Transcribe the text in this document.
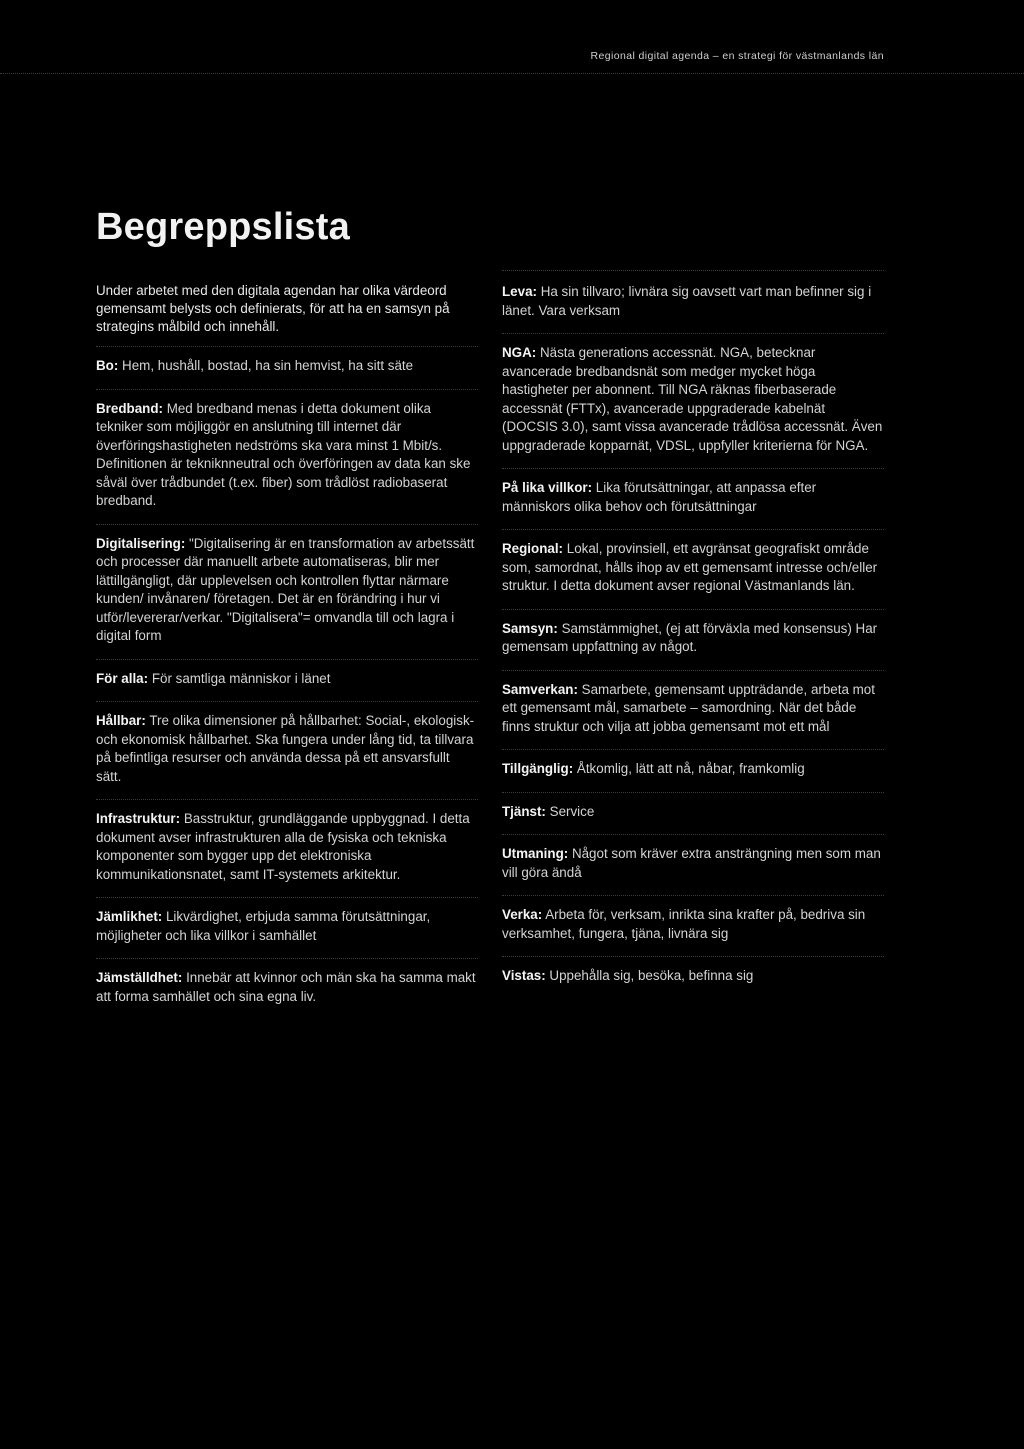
Regional digital agenda – en strategi för västmanlands län
Begreppslista

Under arbetet med den digitala agendan har olika värdeord gemensamt belysts och definierats, för att ha en samsyn på strategins målbild och innehåll.

Bo: Hem, hushåll, bostad, ha sin hemvist, ha sitt säte
Bredband: Med bredband menas i detta dokument olika tekniker som möjliggör en anslutning till internet där överföringshastigheten nedströms ska vara minst 1 Mbit/s. Definitionen är tekniknneutral och överföringen av data kan ske såväl över trådbundet (t.ex. fiber) som trådlöst radiobaserat bredband.
Digitalisering: "Digitalisering är en transformation av arbetssätt och processer där manuellt arbete automatiseras, blir mer lättillgängligt, där upplevelsen och kontrollen flyttar närmare kunden/ invånaren/ företagen. Det är en förändring i hur vi utför/levererar/verkar. "Digitalisera"= omvandla till och lagra i digital form
För alla: För samtliga människor i länet
Hållbar: Tre olika dimensioner på hållbarhet: Social-, ekologisk- och ekonomisk hållbarhet. Ska fungera under lång tid, ta tillvara på befintliga resurser och använda dessa på ett ansvarsfullt sätt.
Infrastruktur: Basstruktur, grundläggande uppbyggnad. I detta dokument avser infrastrukturen alla de fysiska och tekniska komponenter som bygger upp det elektroniska kommunikationsnatet, samt IT-systemets arkitektur.
Jämlikhet: Likvärdighet, erbjuda samma förutsättningar, möjligheter och lika villkor i samhället
Jämställdhet: Innebär att kvinnor och män ska ha samma makt att forma samhället och sina egna liv.
Leva: Ha sin tillvaro; livnära sig oavsett vart man befinner sig i länet. Vara verksam
NGA: Nästa generations accessnät. NGA, betecknar avancerade bredbandsnät som medger mycket höga hastigheter per abonnent. Till NGA räknas fiberbaserade accessnät (FTTx), avancerade uppgraderade kabelnät (DOCSIS 3.0), samt vissa avancerade trådlösa accessnät. Även uppgraderade kopparnät, VDSL, uppfyller kriterierna för NGA.
På lika villkor: Lika förutsättningar, att anpassa efter människors olika behov och förutsättningar
Regional: Lokal, provinsiell, ett avgränsat geografiskt område som, samordnat, hålls ihop av ett gemensamt intresse och/eller struktur. I detta dokument avser regional Västmanlands län.
Samsyn: Samstämmighet, (ej att förväxla med konsensus) Har gemensam uppfattning av något.
Samverkan: Samarbete, gemensamt uppträdande, arbeta mot ett gemensamt mål, samarbete – samordning. När det både finns struktur och vilja att jobba gemensamt mot ett mål
Tillgänglig: Åtkomlig, lätt att nå, nåbar, framkomlig
Tjänst: Service
Utmaning: Något som kräver extra ansträngning men som man vill göra ändå
Verka: Arbeta för, verksam, inrikta sina krafter på, bedriva sin verksamhet, fungera, tjäna, livnära sig
Vistas: Uppehålla sig, besöka, befinna sig
